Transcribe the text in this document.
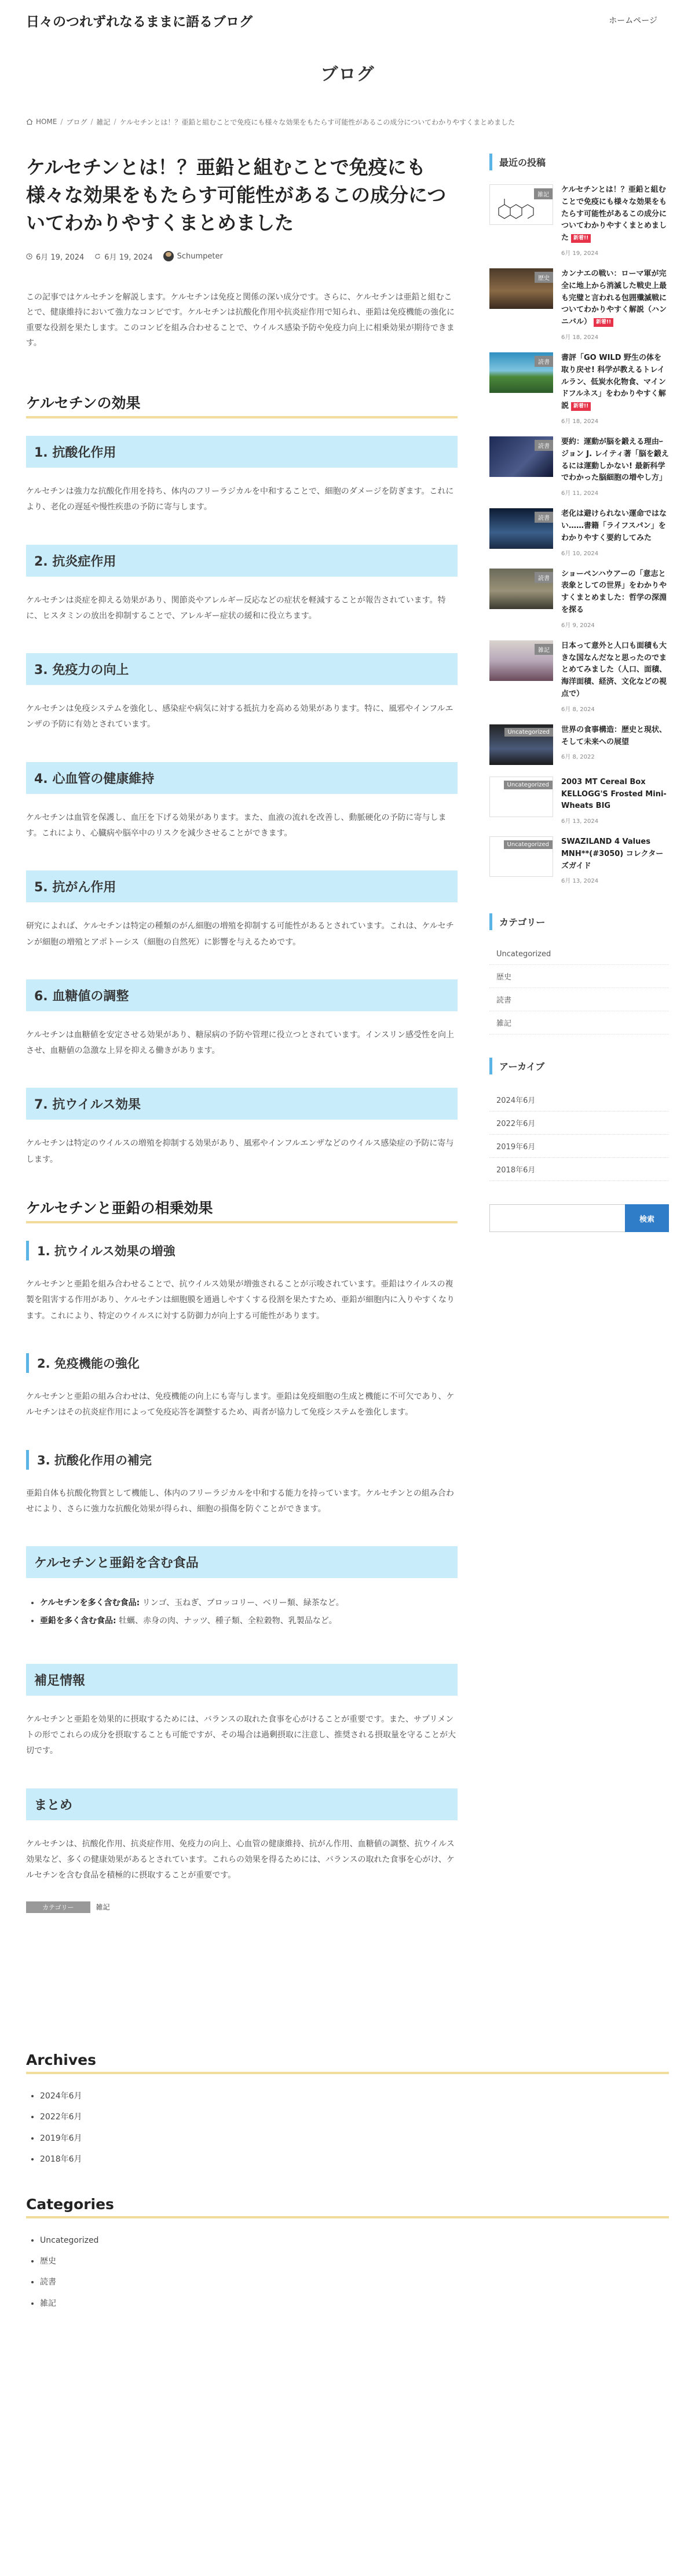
日々のつれずれなるままに語るブログ	ホームページ
ブログ
HOME / ブログ / 雑記 / ケルセチンとは！？亜鉛と組むことで免疫にも様々な効果をもたらす可能性があるこの成分についてわかりやすくまとめました
ケルセチンとは！？亜鉛と組むことで免疫にも様々な効果をもたらす可能性があるこの成分についてわかりやすくまとめました
6月 19, 2024	6月 19, 2024	Schumpeter

この記事ではケルセチンを解説します。ケルセチンは免疫と関係の深い成分です。さらに、ケルセチンは亜鉛と組むことで、健康維持において強力なコンビです。ケルセチンは抗酸化作用や抗炎症作用で知られ、亜鉛は免疫機能の強化に重要な役割を果たします。このコンビを組み合わせることで、ウイルス感染予防や免疫力向上に相乗効果が期待できます。

ケルセチンの効果
1. 抗酸化作用

ケルセチンは強力な抗酸化作用を持ち、体内のフリーラジカルを中和することで、細胞のダメージを防ぎます。これにより、老化の遅延や慢性疾患の予防に寄与します。

2. 抗炎症作用

ケルセチンは炎症を抑える効果があり、関節炎やアレルギー反応などの症状を軽減することが報告されています。特に、ヒスタミンの放出を抑制することで、アレルギー症状の緩和に役立ちます。

3. 免疫力の向上

ケルセチンは免疫システムを強化し、感染症や病気に対する抵抗力を高める効果があります。特に、風邪やインフルエンザの予防に有効とされています。

4. 心血管の健康維持

ケルセチンは血管を保護し、血圧を下げる効果があります。また、血液の流れを改善し、動脈硬化の予防に寄与します。これにより、心臓病や脳卒中のリスクを減少させることができます。

5. 抗がん作用

研究によれば、ケルセチンは特定の種類のがん細胞の増殖を抑制する可能性があるとされています。これは、ケルセチンが細胞の増殖とアポトーシス（細胞の自然死）に影響を与えるためです。

6. 血糖値の調整

ケルセチンは血糖値を安定させる効果があり、糖尿病の予防や管理に役立つとされています。インスリン感受性を向上させ、血糖値の急激な上昇を抑える働きがあります。

7. 抗ウイルス効果

ケルセチンは特定のウイルスの増殖を抑制する効果があり、風邪やインフルエンザなどのウイルス感染症の予防に寄与します。

ケルセチンと亜鉛の相乗効果
1. 抗ウイルス効果の増強

ケルセチンと亜鉛を組み合わせることで、抗ウイルス効果が増強されることが示唆されています。亜鉛はウイルスの複製を阻害する作用があり、ケルセチンは細胞膜を通過しやすくする役割を果たすため、亜鉛が細胞内に入りやすくなります。これにより、特定のウイルスに対する防御力が向上する可能性があります。

2. 免疫機能の強化

ケルセチンと亜鉛の組み合わせは、免疫機能の向上にも寄与します。亜鉛は免疫細胞の生成と機能に不可欠であり、ケルセチンはその抗炎症作用によって免疫応答を調整するため、両者が協力して免疫システムを強化します。

3. 抗酸化作用の補完

亜鉛自体も抗酸化物質として機能し、体内のフリーラジカルを中和する能力を持っています。ケルセチンとの組み合わせにより、さらに強力な抗酸化効果が得られ、細胞の損傷を防ぐことができます。

ケルセチンと亜鉛を含む食品
• ケルセチンを多く含む食品: リンゴ、玉ねぎ、ブロッコリー、ベリー類、緑茶など。
• 亜鉛を多く含む食品: 牡蠣、赤身の肉、ナッツ、種子類、全粒穀物、乳製品など。
補足情報

ケルセチンと亜鉛を効果的に摂取するためには、バランスの取れた食事を心がけることが重要です。また、サプリメントの形でこれらの成分を摂取することも可能ですが、その場合は過剰摂取に注意し、推奨される摂取量を守ることが大切です。

まとめ

ケルセチンは、抗酸化作用、抗炎症作用、免疫力の向上、心血管の健康維持、抗がん作用、血糖値の調整、抗ウイルス効果など、多くの健康効果があるとされています。これらの効果を得るためには、バランスの取れた食事を心がけ、ケルセチンを含む食品を積極的に摂取することが重要です。

カテゴリー	雑記
最近の投稿
雑記
ケルセチンとは！？亜鉛と組むことで免疫にも様々な効果をもたらす可能性があるこの成分についてわかりやすくまとめました 新着!!
6月 19, 2024
歴史
カンナエの戦い：ローマ軍が完全に地上から消滅した戦史上最も完璧と言われる包囲殲滅戦についてわかりやすく解説（ハンニバル） 新着!!
6月 18, 2024
読書
書評「GO WILD 野生の体を取り戻せ! 科学が教えるトレイルラン、低炭水化物食、マインドフルネス」をわかりやすく解説 新着!!
6月 18, 2024
読書
要約：運動が脳を鍛える理由ｰジョン J. レイティ著「脳を鍛えるには運動しかない! 最新科学でわかった脳細胞の増やし方」
6月 11, 2024
読書
老化は避けられない運命ではない……書籍「ライフスパン」をわかりやすく要約してみた
6月 10, 2024
読書
ショーペンハウアーの「意志と表象としての世界」をわかりやすくまとめました：哲学の深淵を探る
6月 9, 2024
雑記
日本って意外と人口も面積も大きな国なんだなと思ったのでまとめてみました（人口、面積、海洋面積、経済、文化などの視点で）
6月 8, 2024
Uncategorized	世界の食事構造：歴史と現状、そして未来への展望
6月 8, 2022
Uncategorized	2003 MT Cereal Box KELLOGG'S Frosted Mini-Wheats BIG
6月 13, 2024
Uncategorized	SWAZILAND 4 Values MNH**(#3050) コレクターズガイド
6月 13, 2024
カテゴリー
Uncategorized
歴史
読書
雑記
アーカイブ
2024年6月
2022年6月
2019年6月
2018年6月
検索
Archives
• 2024年6月
• 2022年6月
• 2019年6月
• 2018年6月
Categories
• Uncategorized
• 歴史
• 読書
• 雑記
